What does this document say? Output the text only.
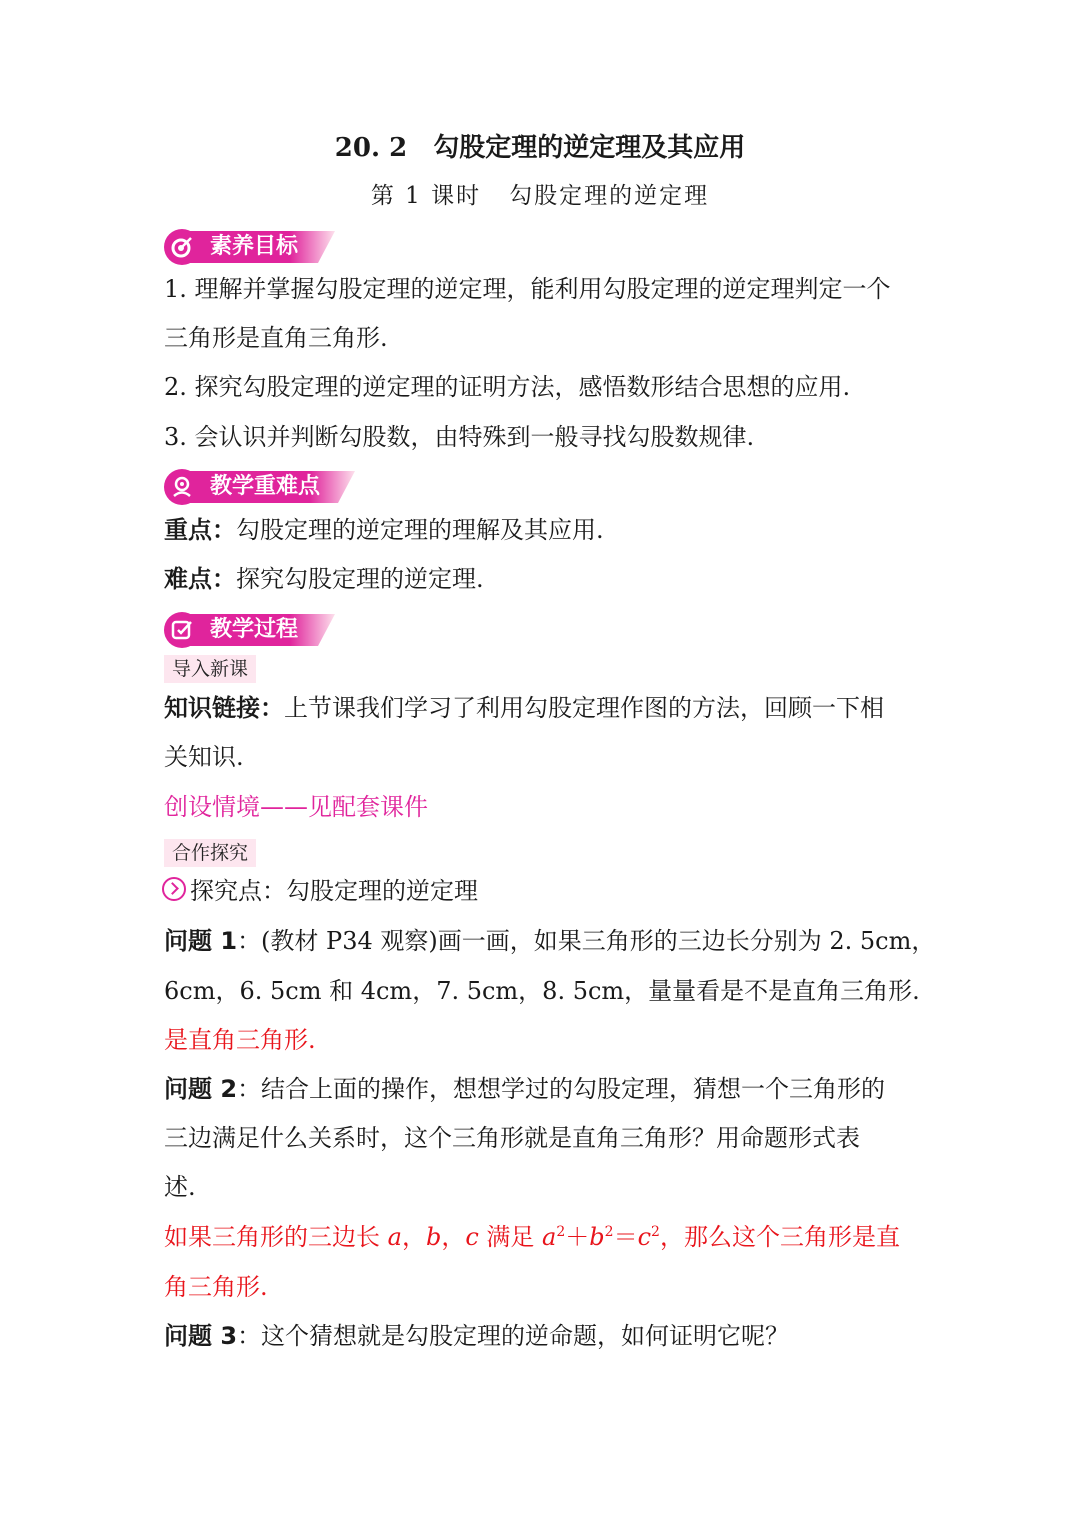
20. 2 勾股定理的逆定理及其应用
第 1 课时 勾股定理的逆定理
素养目标
1. 理解并掌握勾股定理的逆定理，能利用勾股定理的逆定理判定一个
三角形是直角三角形.
2. 探究勾股定理的逆定理的证明方法，感悟数形结合思想的应用.
3. 会认识并判断勾股数，由特殊到一般寻找勾股数规律.
教学重难点
重点：勾股定理的逆定理的理解及其应用.
难点：探究勾股定理的逆定理.
教学过程
导入新课
知识链接：上节课我们学习了利用勾股定理作图的方法，回顾一下相
关知识.
创设情境——见配套课件
合作探究
探究点：勾股定理的逆定理
问题 1：(教材 P34 观察)画一画，如果三角形的三边长分别为 2. 5cm，
6cm，6. 5cm 和 4cm，7. 5cm，8. 5cm，量量看是不是直角三角形.
是直角三角形.
问题 2：结合上面的操作，想想学过的勾股定理，猜想一个三角形的
三边满足什么关系时，这个三角形就是直角三角形？用命题形式表
述.
如果三角形的三边长 a，b，c 满足 $a^2+b^2=c^2$，那么这个三角形是直
角三角形.
问题 3：这个猜想就是勾股定理的逆命题，如何证明它呢？
